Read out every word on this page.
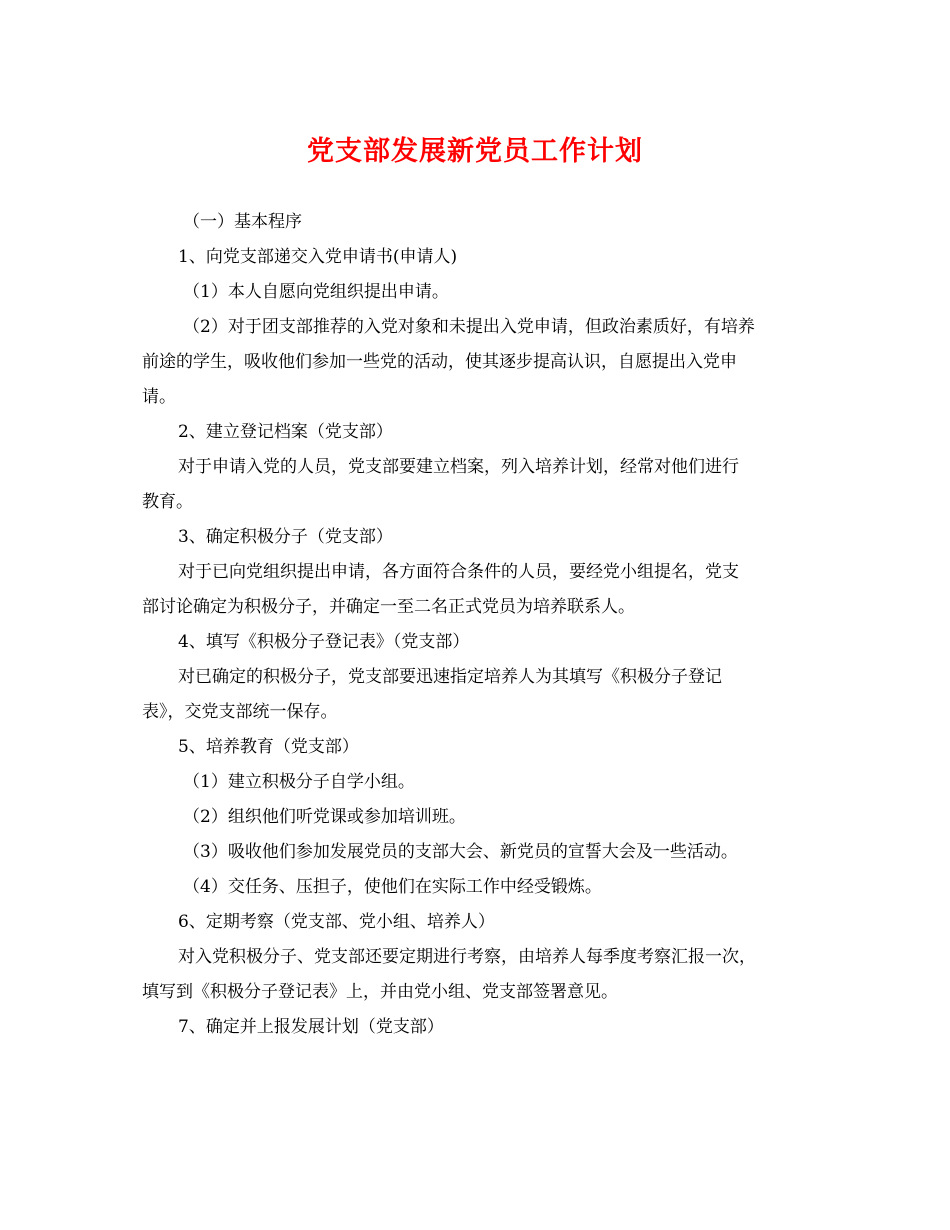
党支部发展新党员工作计划
（一）基本程序
1、向党支部递交入党申请书(申请人)
（1）本人自愿向党组织提出申请。
（2）对于团支部推荐的入党对象和未提出入党申请，但政治素质好，有培养
前途的学生，吸收他们参加一些党的活动，使其逐步提高认识，自愿提出入党申
请。
2、建立登记档案（党支部）
对于申请入党的人员，党支部要建立档案，列入培养计划，经常对他们进行
教育。
3、确定积极分子（党支部）
对于已向党组织提出申请，各方面符合条件的人员，要经党小组提名，党支
部讨论确定为积极分子，并确定一至二名正式党员为培养联系人。
4、填写《积极分子登记表》（党支部）
对已确定的积极分子，党支部要迅速指定培养人为其填写《积极分子登记
表》，交党支部统一保存。
5、培养教育（党支部）
（1）建立积极分子自学小组。
（2）组织他们听党课或参加培训班。
（3）吸收他们参加发展党员的支部大会、新党员的宣誓大会及一些活动。
（4）交任务、压担子，使他们在实际工作中经受锻炼。
6、定期考察（党支部、党小组、培养人）
对入党积极分子、党支部还要定期进行考察，由培养人每季度考察汇报一次，
填写到《积极分子登记表》上，并由党小组、党支部签署意见。
7、确定并上报发展计划（党支部）
